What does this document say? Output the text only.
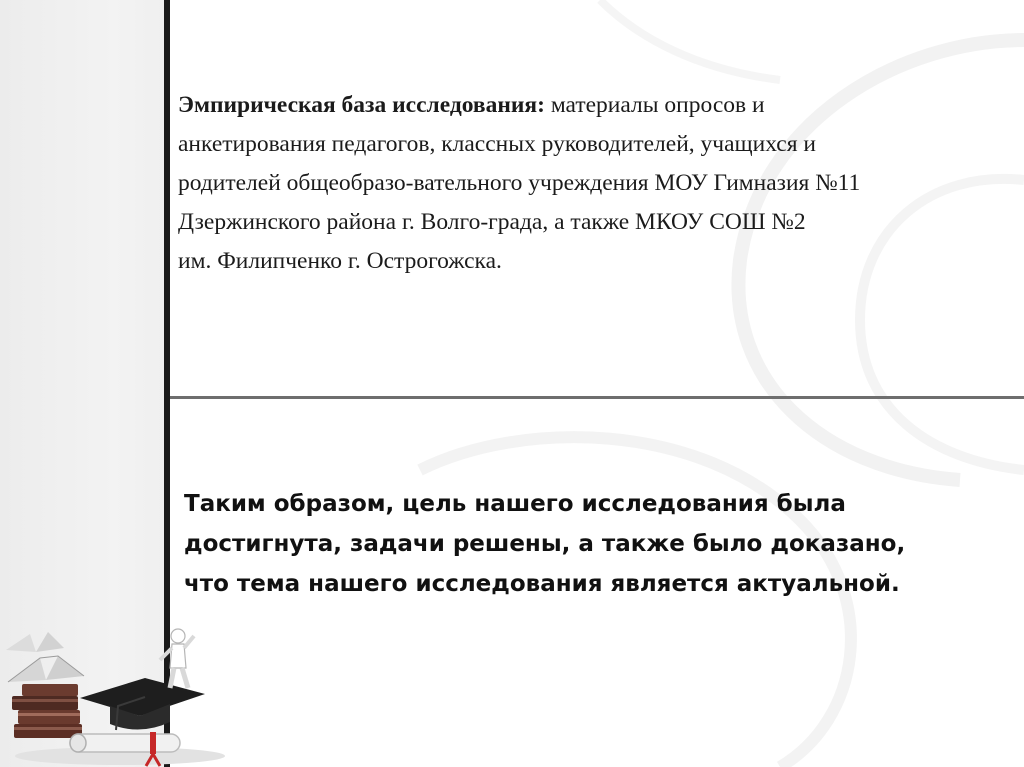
Эмпирическая база исследования: материалы опросов и
анкетирования педагогов, классных руководителей, учащихся и
родителей общеобразо-вательного учреждения МОУ Гимназия №11
Дзержинского района г. Волго-града, а также МКОУ СОШ №2
им. Филипченко г. Острогожска.

Таким образом, цель нашего исследования была
достигнута, задачи решены, а также было доказано,
что тема нашего исследования является актуальной.
